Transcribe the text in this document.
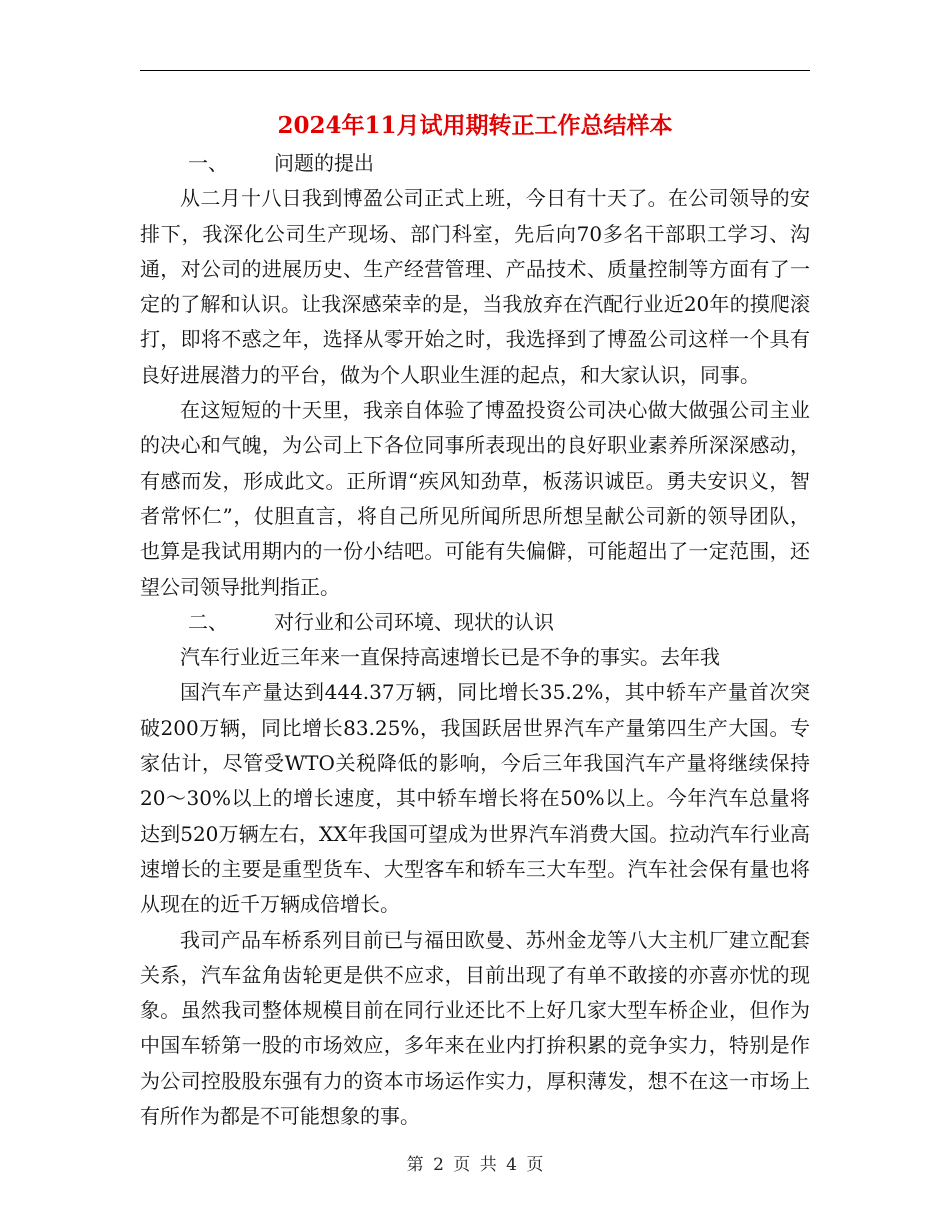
2024年11月试用期转正工作总结样本

一、 问题的提出

从二月十八日我到博盈公司正式上班，今日有十天了。在公司领导的安排下，我深化公司生产现场、部门科室，先后向70多名干部职工学习、沟通，对公司的进展历史、生产经营管理、产品技术、质量控制等方面有了一定的了解和认识。让我深感荣幸的是，当我放弃在汽配行业近20年的摸爬滚打，即将不惑之年，选择从零开始之时，我选择到了博盈公司这样一个具有良好进展潜力的平台，做为个人职业生涯的起点，和大家认识，同事。

在这短短的十天里，我亲自体验了博盈投资公司决心做大做强公司主业的决心和气魄，为公司上下各位同事所表现出的良好职业素养所深深感动，有感而发，形成此文。正所谓“疾风知劲草，板荡识诚臣。勇夫安识义，智者常怀仁”，仗胆直言，将自己所见所闻所思所想呈献公司新的领导团队，也算是我试用期内的一份小结吧。可能有失偏僻，可能超出了一定范围，还望公司领导批判指正。

二、 对行业和公司环境、现状的认识

汽车行业近三年来一直保持高速增长已是不争的事实。去年我

国汽车产量达到444.37万辆，同比增长35.2%，其中轿车产量首次突破200万辆，同比增长83.25%，我国跃居世界汽车产量第四生产大国。专家估计，尽管受WTO关税降低的影响，今后三年我国汽车产量将继续保持20～30%以上的增长速度，其中轿车增长将在50%以上。今年汽车总量将达到520万辆左右，XX年我国可望成为世界汽车消费大国。拉动汽车行业高速增长的主要是重型货车、大型客车和轿车三大车型。汽车社会保有量也将从现在的近千万辆成倍增长。

我司产品车桥系列目前已与福田欧曼、苏州金龙等八大主机厂建立配套关系，汽车盆角齿轮更是供不应求，目前出现了有单不敢接的亦喜亦忧的现象。虽然我司整体规模目前在同行业还比不上好几家大型车桥企业，但作为中国车轿第一股的市场效应，多年来在业内打拚积累的竞争实力，特别是作为公司控股股东强有力的资本市场运作实力，厚积薄发，想不在这一市场上有所作为都是不可能想象的事。

第 2 页 共 4 页
